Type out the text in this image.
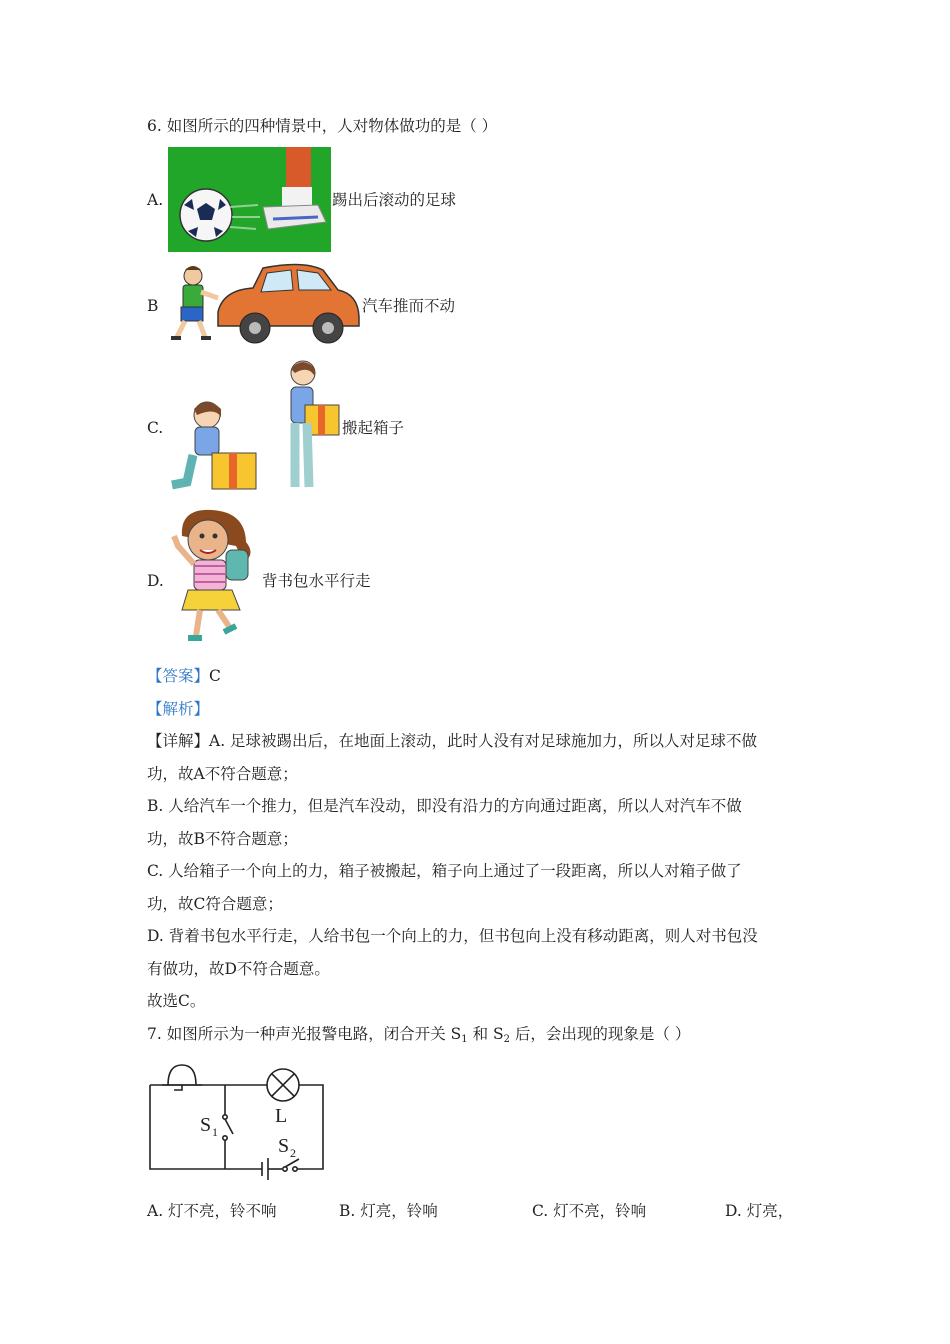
6. 如图所示的四种情景中，人对物体做功的是（ ）
A.	踢出后滚动的足球
B	汽车推而不动
C.	搬起箱子
D.	背书包水平行走
【答案】C
【解析】
【详解】A. 足球被踢出后，在地面上滚动，此时人没有对足球施加力，所以人对足球不做
功，故A不符合题意；
B. 人给汽车一个推力，但是汽车没动，即没有沿力的方向通过距离，所以人对汽车不做
功，故B不符合题意；
C. 人给箱子一个向上的力，箱子被搬起，箱子向上通过了一段距离，所以人对箱子做了
功，故C符合题意；
D. 背着书包水平行走，人给书包一个向上的力，但书包向上没有移动距离，则人对书包没
有做功，故D不符合题意。
故选C。
7. 如图所示为一种声光报警电路，闭合开关 $S_1$ 和 $S_2$ 后，会出现的现象是（ ）
S 1
L
S 2
A. 灯不亮，铃不响	B. 灯亮，铃响	C. 灯不亮，铃响	D. 灯亮，
